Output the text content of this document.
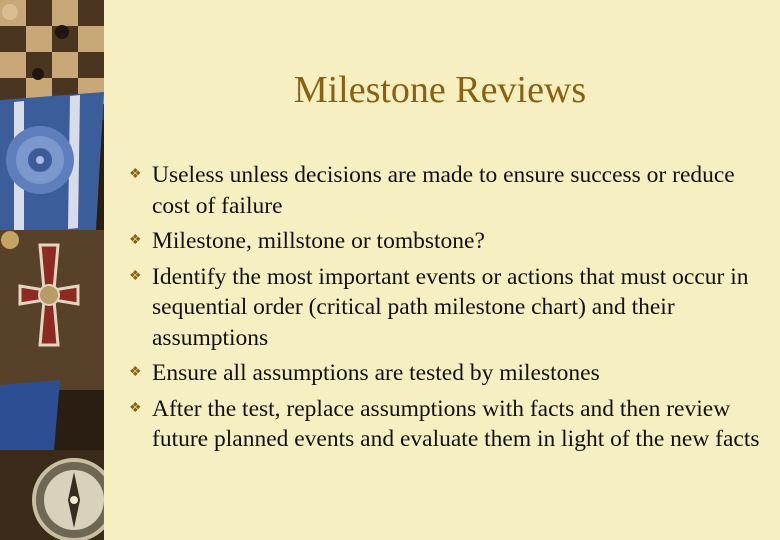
Milestone Reviews
❖ Useless unless decisions are made to ensure success or reduce cost of failure
❖ Milestone, millstone or tombstone?
❖ Identify the most important events or actions that must occur in sequential order (critical path milestone chart) and their assumptions
❖ Ensure all assumptions are tested by milestones
❖ After the test, replace assumptions with facts and then review future planned events and evaluate them in light of the new facts
